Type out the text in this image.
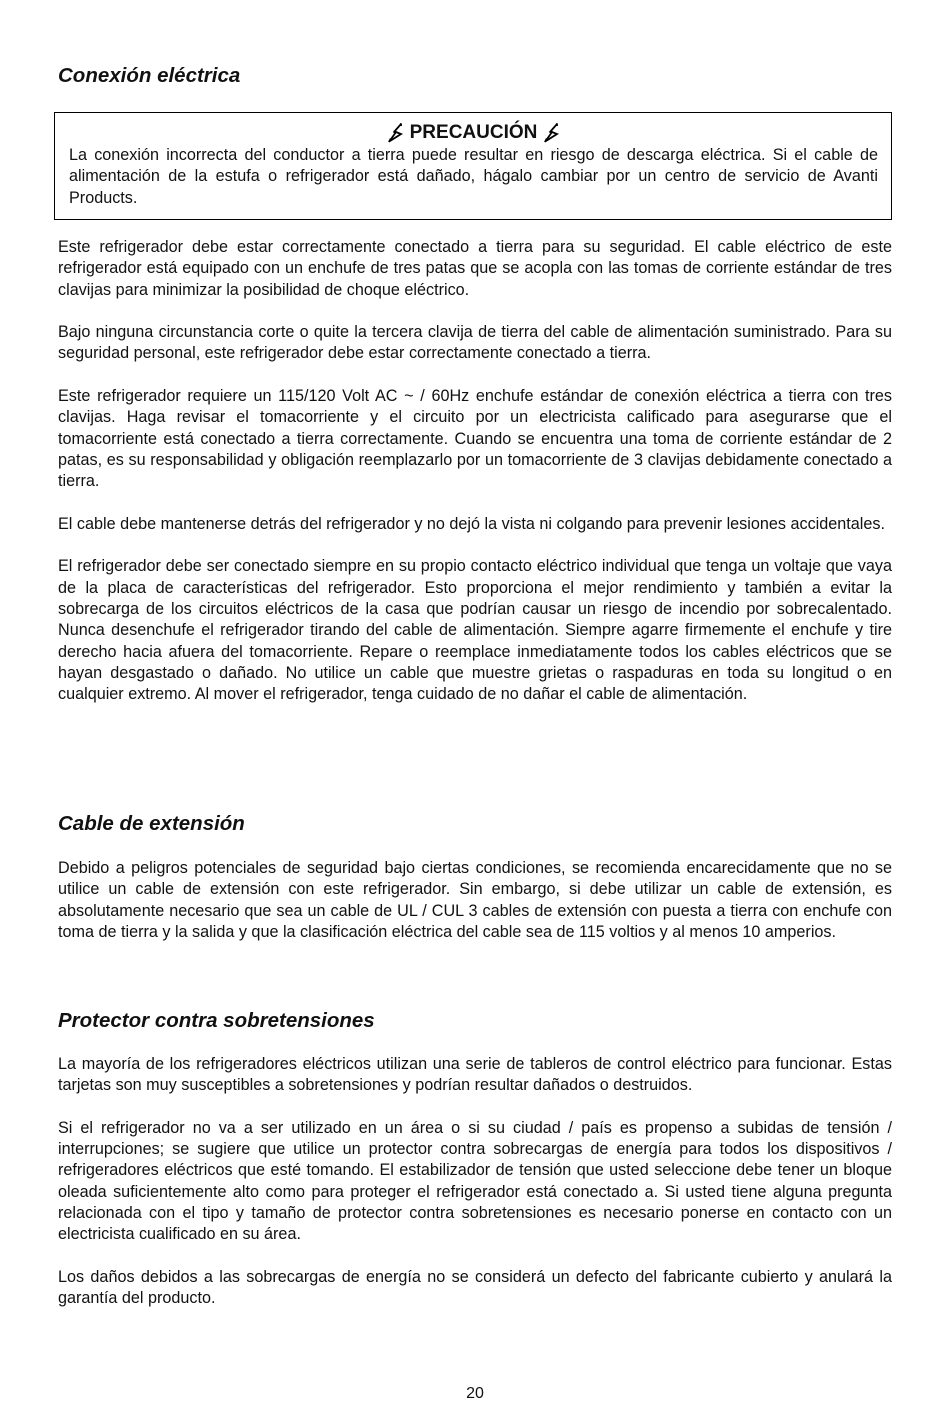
Conexión eléctrica
PRECAUCIÓN

La conexión incorrecta del conductor a tierra puede resultar en riesgo de descarga eléctrica. Si el cable de alimentación de la estufa o refrigerador está dañado, hágalo cambiar por un centro de servicio de Avanti Products.

Este refrigerador debe estar correctamente conectado a tierra para su seguridad. El cable eléctrico de este refrigerador está equipado con un enchufe de tres patas que se acopla con las tomas de corriente estándar de tres clavijas para minimizar la posibilidad de choque eléctrico.

Bajo ninguna circunstancia corte o quite la tercera clavija de tierra del cable de alimentación suministrado. Para su seguridad personal, este refrigerador debe estar correctamente conectado a tierra.

Este refrigerador requiere un 115/120 Volt AC ~ / 60Hz enchufe estándar de conexión eléctrica a tierra con tres clavijas. Haga revisar el tomacorriente y el circuito por un electricista calificado para asegurarse que el tomacorriente está conectado a tierra correctamente. Cuando se encuentra una toma de corriente estándar de 2 patas, es su responsabilidad y obligación reemplazarlo por un tomacorriente de 3 clavijas debidamente conectado a tierra.

El cable debe mantenerse detrás del refrigerador y no dejó la vista ni colgando para prevenir lesiones accidentales.

El refrigerador debe ser conectado siempre en su propio contacto eléctrico individual que tenga un voltaje que vaya de la placa de características del refrigerador. Esto proporciona el mejor rendimiento y también a evitar la sobrecarga de los circuitos eléctricos de la casa que podrían causar un riesgo de incendio por sobrecalentado. Nunca desenchufe el refrigerador tirando del cable de alimentación. Siempre agarre firmemente el enchufe y tire derecho hacia afuera del tomacorriente. Repare o reemplace inmediatamente todos los cables eléctricos que se hayan desgastado o dañado. No utilice un cable que muestre grietas o raspaduras en toda su longitud o en cualquier extremo. Al mover el refrigerador, tenga cuidado de no dañar el cable de alimentación.

Cable de extensión

Debido a peligros potenciales de seguridad bajo ciertas condiciones, se recomienda encarecidamente que no se utilice un cable de extensión con este refrigerador. Sin embargo, si debe utilizar un cable de extensión, es absolutamente necesario que sea un cable de UL / CUL 3 cables de extensión con puesta a tierra con enchufe con toma de tierra y la salida y que la clasificación eléctrica del cable sea de 115 voltios y al menos 10 amperios.

Protector contra sobretensiones

La mayoría de los refrigeradores eléctricos utilizan una serie de tableros de control eléctrico para funcionar. Estas tarjetas son muy susceptibles a sobretensiones y podrían resultar dañados o destruidos.

Si el refrigerador no va a ser utilizado en un área o si su ciudad / país es propenso a subidas de tensión / interrupciones; se sugiere que utilice un protector contra sobrecargas de energía para todos los dispositivos / refrigeradores eléctricos que esté tomando. El estabilizador de tensión que usted seleccione debe tener un bloque oleada suficientemente alto como para proteger el refrigerador está conectado a. Si usted tiene alguna pregunta relacionada con el tipo y tamaño de protector contra sobretensiones es necesario ponerse en contacto con un electricista cualificado en su área.

Los daños debidos a las sobrecargas de energía no se considerá un defecto del fabricante cubierto y anulará la garantía del producto.

20
